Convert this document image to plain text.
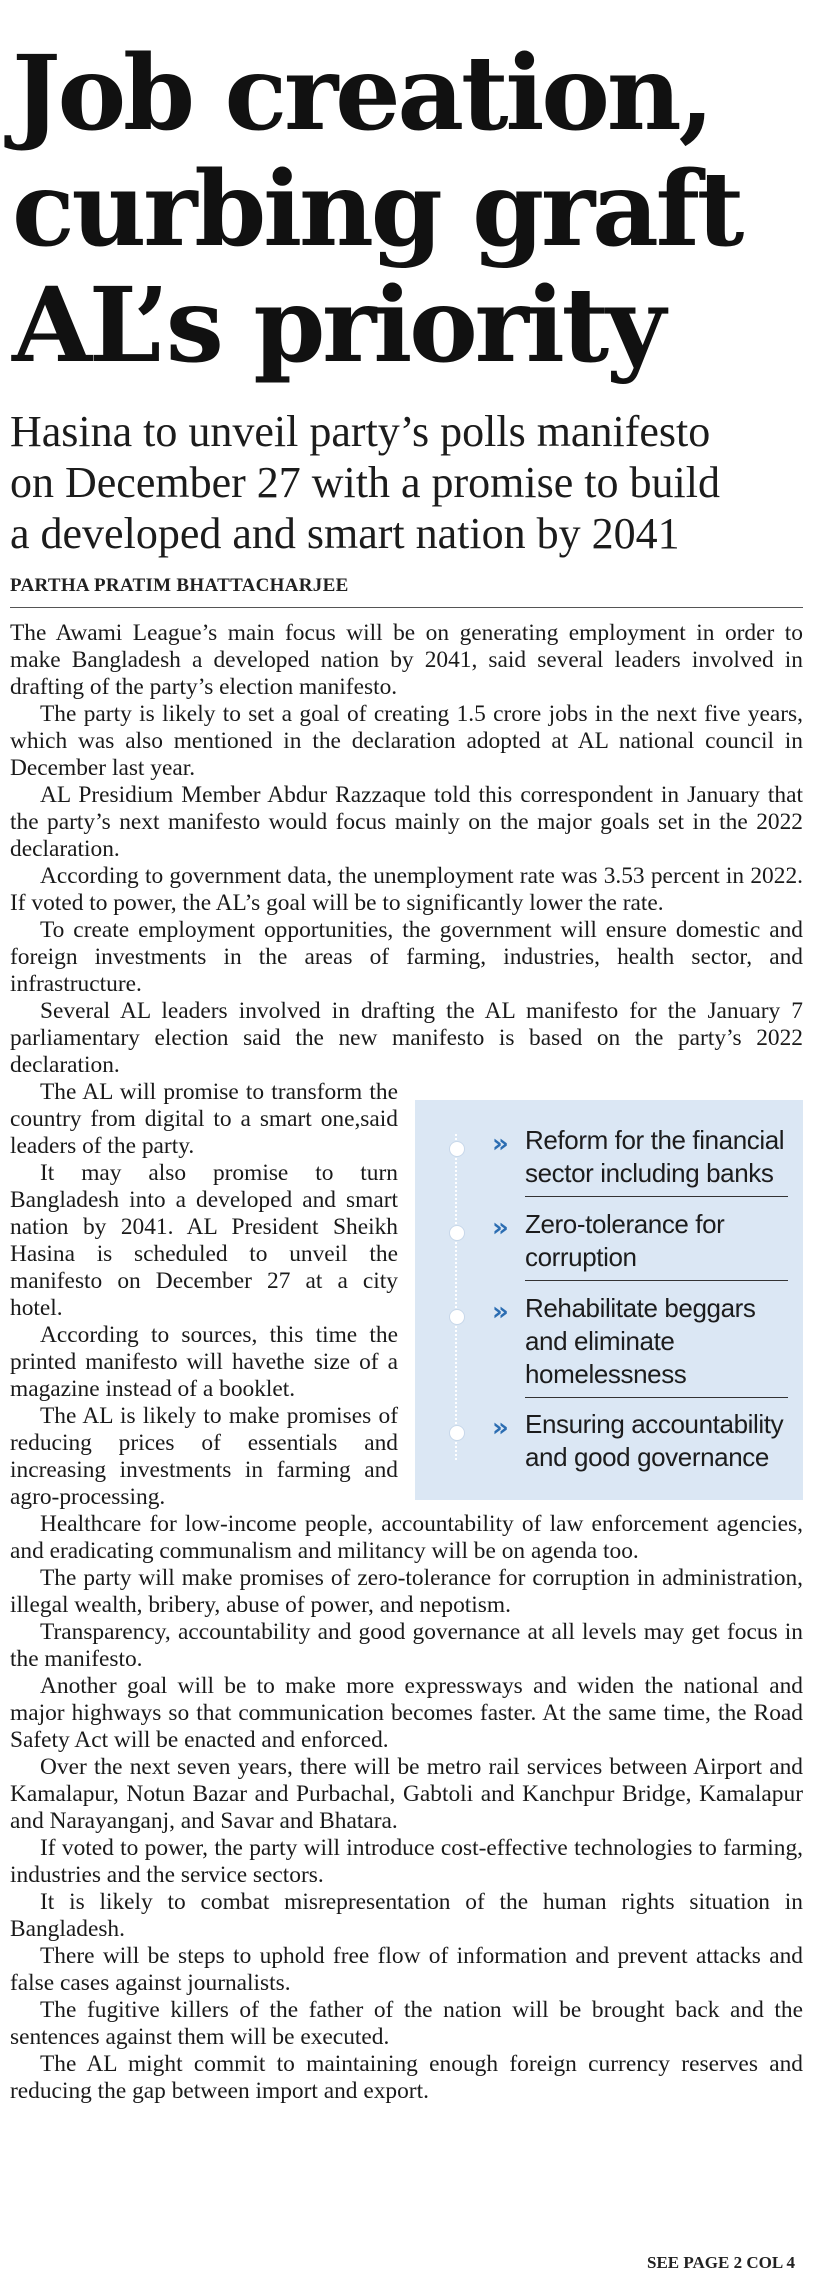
Job creation,
curbing graft
AL’s priority
Hasina to unveil party’s polls manifesto
on December 27 with a promise to build
a developed and smart nation by 2041
PARTHA PRATIM BHATTACHARJEE

The Awami League’s main focus will be on generating employment in order to make Bangladesh a developed nation by 2041, said several leaders involved in drafting of the party’s election manifesto.

The party is likely to set a goal of creating 1.5 crore jobs in the next five years, which was also mentioned in the declaration adopted at AL national council in December last year.

AL Presidium Member Abdur Razzaque told this correspondent in January that the party’s next manifesto would focus mainly on the major goals set in the 2022 declaration.

According to government data, the unemployment rate was 3.53 percent in 2022. If voted to power, the AL’s goal will be to significantly lower the rate.

To create employment opportunities, the government will ensure domestic and foreign investments in the areas of farming, industries, health sector, and infrastructure.

Several AL leaders involved in drafting the AL manifesto for the January 7 parliamentary election said the new manifesto is based on the party’s 2022 declaration.

The AL will promise to transform the country from digital to a smart one,said leaders of the party.

It may also promise to turn Bangladesh into a developed and smart nation by 2041. AL President Sheikh Hasina is scheduled to unveil the manifesto on December 27 at a city hotel.

According to sources, this time the printed manifesto will havethe size of a magazine instead of a booklet.

The AL is likely to make promises of reducing prices of essentials and increasing investments in farming and agro-processing.

» Reform for the financial
sector including banks
» Zero-tolerance for
corruption
» Rehabilitate beggars
and eliminate
homelessness
» Ensuring accountability
and good governance

Healthcare for low-income people, accountability of law enforcement agencies, and eradicating communalism and militancy will be on agenda too.

The party will make promises of zero-tolerance for corruption in administration, illegal wealth, bribery, abuse of power, and nepotism.

Transparency, accountability and good governance at all levels may get focus in the manifesto.

Another goal will be to make more expressways and widen the national and major highways so that communication becomes faster. At the same time, the Road Safety Act will be enacted and enforced.

Over the next seven years, there will be metro rail services between Airport and Kamalapur, Notun Bazar and Purbachal, Gabtoli and Kanchpur Bridge, Kamalapur and Narayanganj, and Savar and Bhatara.

If voted to power, the party will introduce cost-effective technologies to farming, industries and the service sectors.

It is likely to combat misrepresentation of the human rights situation in Bangladesh.

There will be steps to uphold free flow of information and prevent attacks and false cases against journalists.

The fugitive killers of the father of the nation will be brought back and the sentences against them will be executed.

The AL might commit to maintaining enough foreign currency reserves and reducing the gap between import and export.

SEE PAGE 2 COL 4
